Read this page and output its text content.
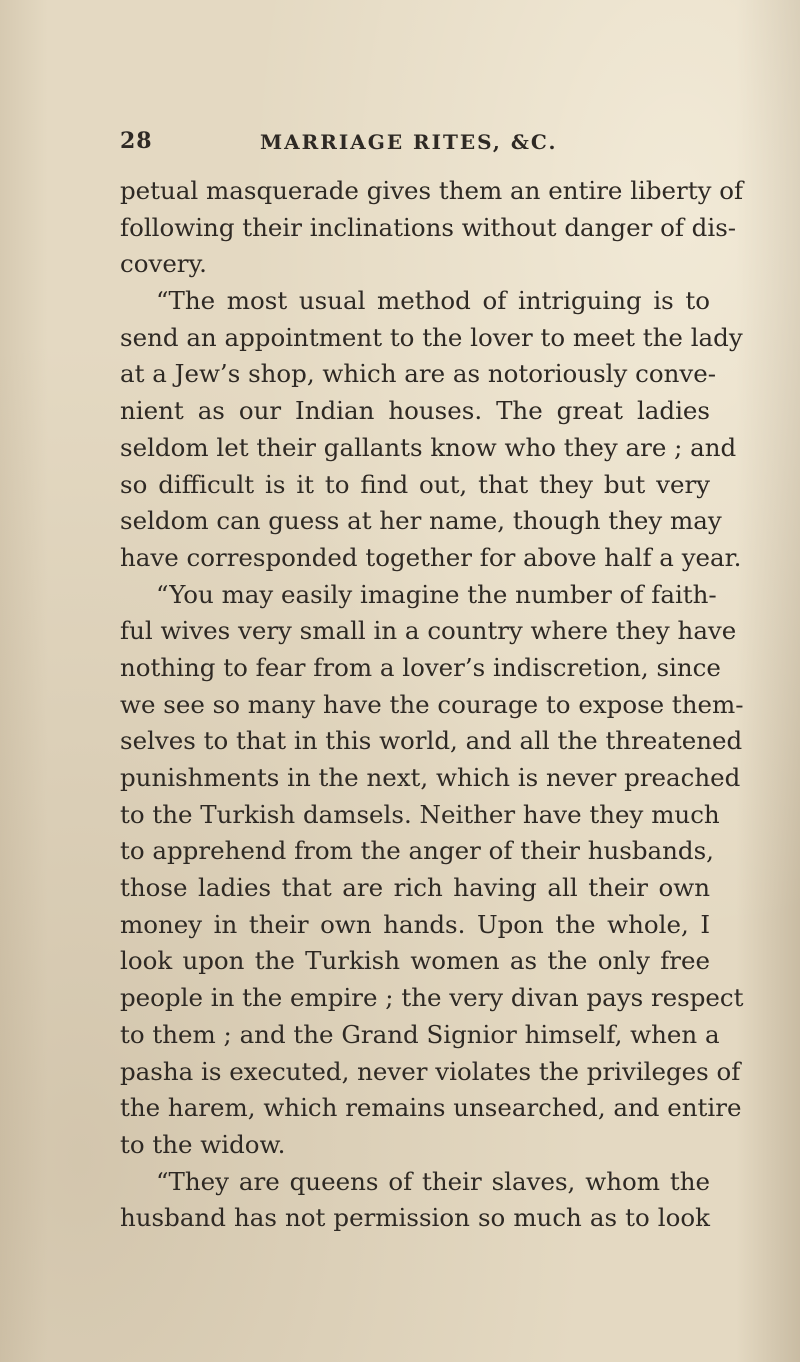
28	MARRIAGE RITES, &C.
petual masquerade gives them an entire liberty of
following their inclinations without danger of dis-
covery.
“The most usual method of intriguing is to
send an appointment to the lover to meet the lady
at a Jew’s shop, which are as notoriously conve-
nient as our Indian houses. The great ladies
seldom let their gallants know who they are ; and
so difficult is it to find out, that they but very
seldom can guess at her name, though they may
have corresponded together for above half a year.
“You may easily imagine the number of faith-
ful wives very small in a country where they have
nothing to fear from a lover’s indiscretion, since
we see so many have the courage to expose them-
selves to that in this world, and all the threatened
punishments in the next, which is never preached
to the Turkish damsels. Neither have they much
to apprehend from the anger of their husbands,
those ladies that are rich having all their own
money in their own hands. Upon the whole, I
look upon the Turkish women as the only free
people in the empire ; the very divan pays respect
to them ; and the Grand Signior himself, when a
pasha is executed, never violates the privileges of
the harem, which remains unsearched, and entire
to the widow.
“They are queens of their slaves, whom the
husband has not permission so much as to look
